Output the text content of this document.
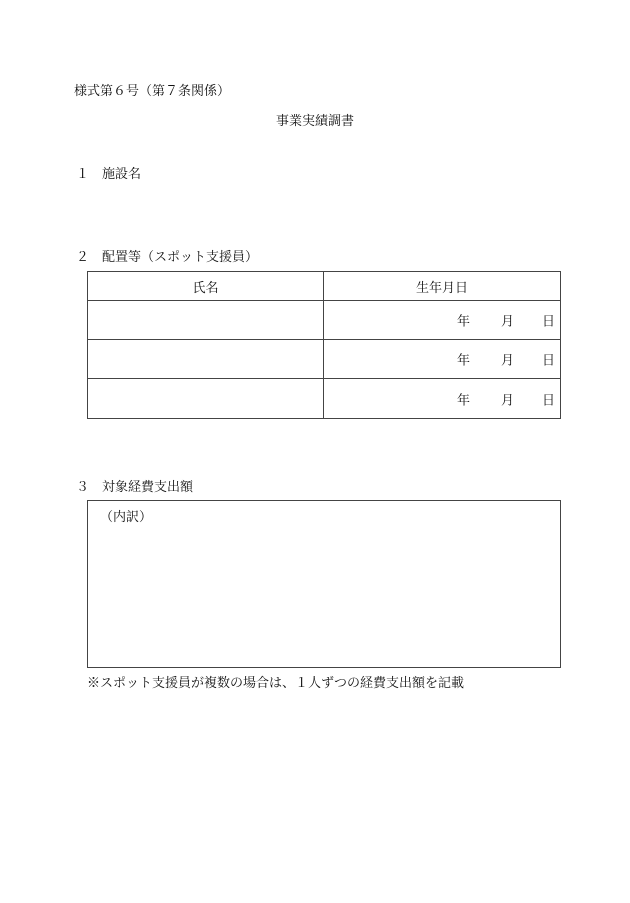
様式第６号（第７条関係）
事業実績調書
１ 施設名
２ 配置等（スポット支援員）
氏名	生年月日

	年 月 日

	年 月 日

	年 月 日
３ 対象経費支出額
（内訳）
※スポット支援員が複数の場合は、１人ずつの経費支出額を記載
